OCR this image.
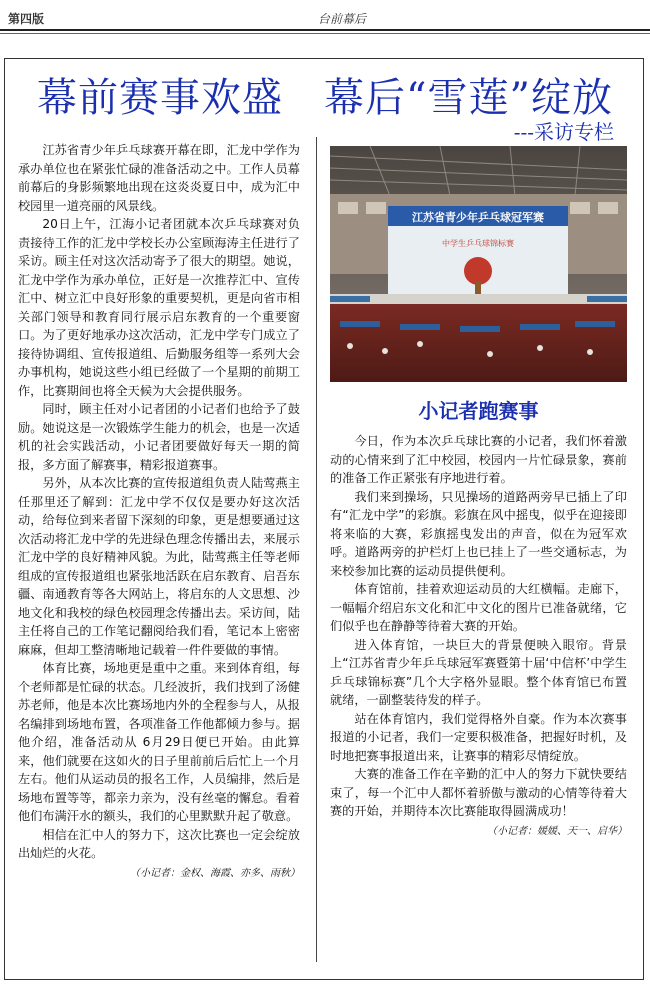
第四版	台前幕后
幕前赛事欢盛　幕后“雪莲”绽放
---采访专栏

江苏省青少年乒乓球赛开幕在即，汇龙中学作为承办单位也在紧张忙碌的准备活动之中。工作人员幕前幕后的身影频繁地出现在这炎炎夏日中，成为汇中校园里一道亮丽的风景线。

20日上午，江海小记者团就本次乒乓球赛对负责接待工作的汇龙中学校长办公室顾海涛主任进行了采访。顾主任对这次活动寄予了很大的期望。她说，汇龙中学作为承办单位，正好是一次推荐汇中、宣传汇中、树立汇中良好形象的重要契机，更是向省市相关部门领导和教育同行展示启东教育的一个重要窗口。为了更好地承办这次活动，汇龙中学专门成立了接待协调组、宣传报道组、后勤服务组等一系列大会办事机构，她说这些小组已经做了一个星期的前期工作，比赛期间也将全天候为大会提供服务。

同时，顾主任对小记者团的小记者们也给予了鼓励。她说这是一次锻炼学生能力的机会，也是一次适机的社会实践活动，小记者团要做好每天一期的简报，多方面了解赛事，精彩报道赛事。

另外，从本次比赛的宣传报道组负责人陆莺燕主任那里还了解到：汇龙中学不仅仅是要办好这次活动，给每位到来者留下深刻的印象，更是想要通过这次活动将汇龙中学的先进绿色理念传播出去，来展示汇龙中学的良好精神风貌。为此，陆莺燕主任等老师组成的宣传报道组也紧张地活跃在启东教育、启吾东疆、南通教育等各大网站上，将启东的人文思想、沙地文化和我校的绿色校园理念传播出去。采访间，陆主任将自己的工作笔记翻阅给我们看，笔记本上密密麻麻，但却工整清晰地记载着一件件要做的事情。

体育比赛，场地更是重中之重。来到体育组，每个老师都是忙碌的状态。几经波折，我们找到了汤健苏老师，他是本次比赛场地内外的全程参与人，从报名编排到场地布置，各项准备工作他都倾力参与。据他介绍，准备活动从 6月29日便已开始。由此算来，他们就要在这如火的日子里前前后后忙上一个月左右。他们从运动员的报名工作，人员编排，然后是场地布置等等，都亲力亲为，没有丝毫的懈怠。看着他们布满汗水的额头，我们的心里默默升起了敬意。

相信在汇中人的努力下，这次比赛也一定会绽放出灿烂的火花。

（小记者：金权、海霞、亦多、雨秋）

江苏省青少年乒乓球冠军赛
中学生乒乓球锦标赛
小记者跑赛事

今日，作为本次乒乓球比赛的小记者，我们怀着激动的心情来到了汇中校园，校园内一片忙碌景象，赛前的准备工作正紧张有序地进行着。

我们来到操场，只见操场的道路两旁早已插上了印有“汇龙中学”的彩旗。彩旗在风中摇曳，似乎在迎接即将来临的大赛，彩旗摇曳发出的声音，似在为冠军欢呼。道路两旁的护栏灯上也已挂上了一些交通标志，为来校参加比赛的运动员提供便利。

体育馆前，挂着欢迎运动员的大红横幅。走廊下，一幅幅介绍启东文化和汇中文化的图片已准备就绪，它们似乎也在静静等待着大赛的开始。

进入体育馆，一块巨大的背景便映入眼帘。背景上“江苏省青少年乒乓球冠军赛暨第十届‘中信杯’中学生乒乓球锦标赛”几个大字格外显眼。整个体育馆已布置就绪，一副整装待发的样子。

站在体育馆内，我们觉得格外自豪。作为本次赛事报道的小记者，我们一定要积极准备，把握好时机，及时地把赛事报道出来，让赛事的精彩尽情绽放。

大赛的准备工作在辛勤的汇中人的努力下就快要结束了，每一个汇中人都怀着骄傲与激动的心情等待着大赛的开始，并期待本次比赛能取得圆满成功！

（小记者：媛媛、天一、启华）
